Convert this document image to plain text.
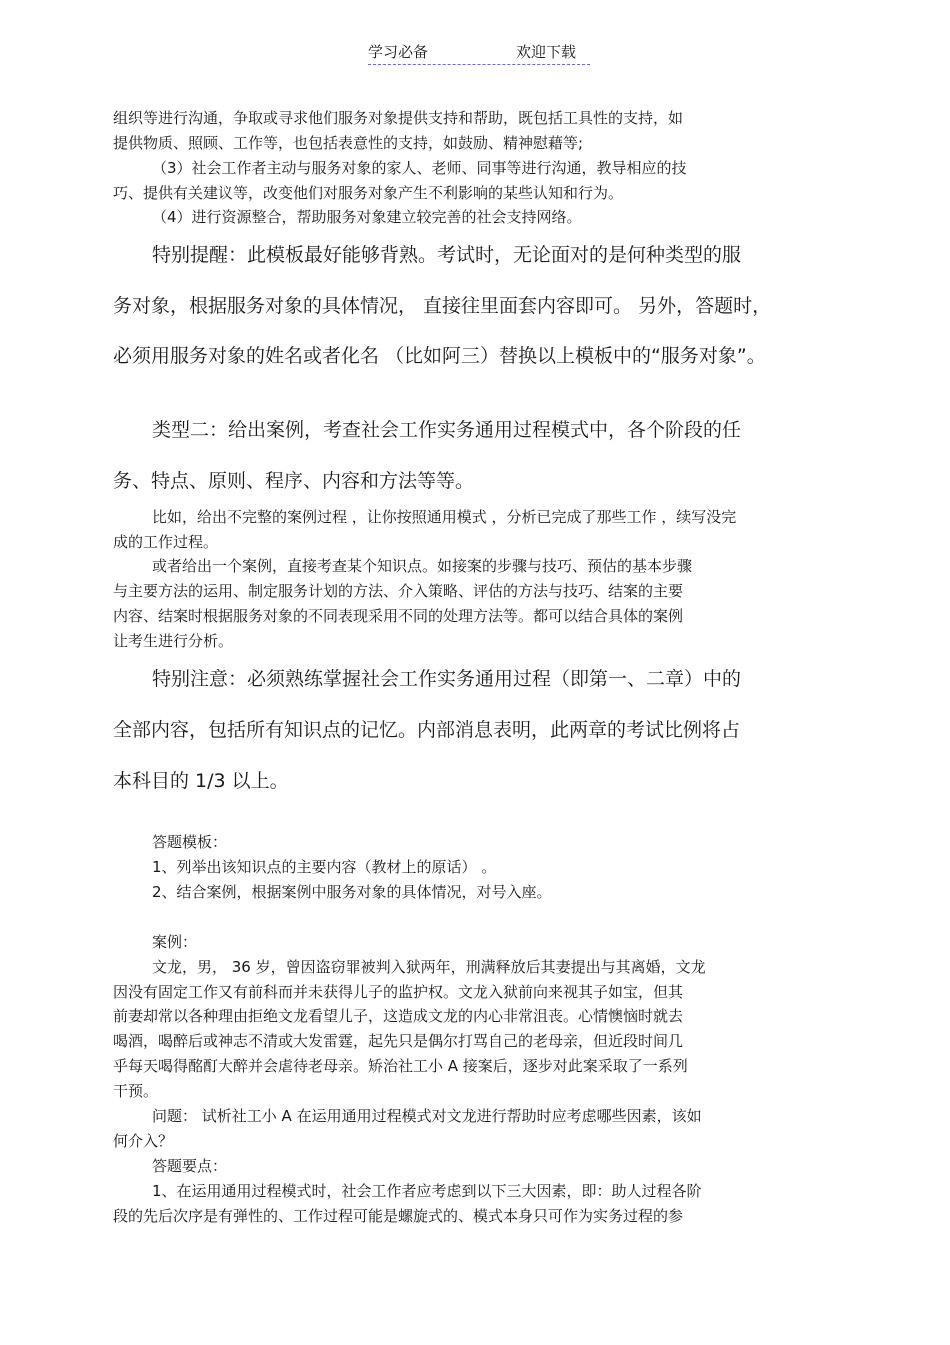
学习必备	欢迎下载
组织等进行沟通，争取或寻求他们服务对象提供支持和帮助，既包括工具性的支持，如
提供物质、照顾、工作等，也包括表意性的支持，如鼓励、精神慰藉等;
（3）社会工作者主动与服务对象的家人、老师、同事等进行沟通，教导相应的技
巧、提供有关建议等，改变他们对服务对象产生不利影响的某些认知和行为。
（4）进行资源整合，帮助服务对象建立较完善的社会支持网络。
特别提醒：此模板最好能够背熟。考试时，无论面对的是何种类型的服
务对象，根据服务对象的具体情况， 直接往里面套内容即可。 另外，答题时，
必须用服务对象的姓名或者化名 （比如阿三）替换以上模板中的“服务对象”。
类型二：给出案例，考查社会工作实务通用过程模式中，各个阶段的任
务、特点、原则、程序、内容和方法等等。
比如，给出不完整的案例过程 ，让你按照通用模式 ，分析已完成了那些工作 ，续写没完
成的工作过程。
或者给出一个案例，直接考查某个知识点。如接案的步骤与技巧、预估的基本步骤
与主要方法的运用、制定服务计划的方法、介入策略、评估的方法与技巧、结案的主要
内容、结案时根据服务对象的不同表现采用不同的处理方法等。都可以结合具体的案例
让考生进行分析。
特别注意：必须熟练掌握社会工作实务通用过程（即第一、二章）中的
全部内容，包括所有知识点的记忆。内部消息表明，此两章的考试比例将占
本科目的 1/3 以上。
答题模板：
1、列举出该知识点的主要内容（教材上的原话） 。
2、结合案例，根据案例中服务对象的具体情况，对号入座。
案例：
文龙，男， 36 岁，曾因盗窃罪被判入狱两年，刑满释放后其妻提出与其离婚，文龙
因没有固定工作又有前科而并未获得儿子的监护权。文龙入狱前向来视其子如宝，但其
前妻却常以各种理由拒绝文龙看望儿子，这造成文龙的内心非常沮丧。心情懊恼时就去
喝酒，喝醉后或神志不清或大发雷霆，起先只是偶尔打骂自己的老母亲，但近段时间几
乎每天喝得酩酊大醉并会虐待老母亲。矫治社工小 A 接案后，逐步对此案采取了一系列
干预。
问题： 试析社工小 A 在运用通用过程模式对文龙进行帮助时应考虑哪些因素，该如
何介入？
答题要点：
1、在运用通用过程模式时，社会工作者应考虑到以下三大因素，即：助人过程各阶
段的先后次序是有弹性的、工作过程可能是螺旋式的、模式本身只可作为实务过程的参
